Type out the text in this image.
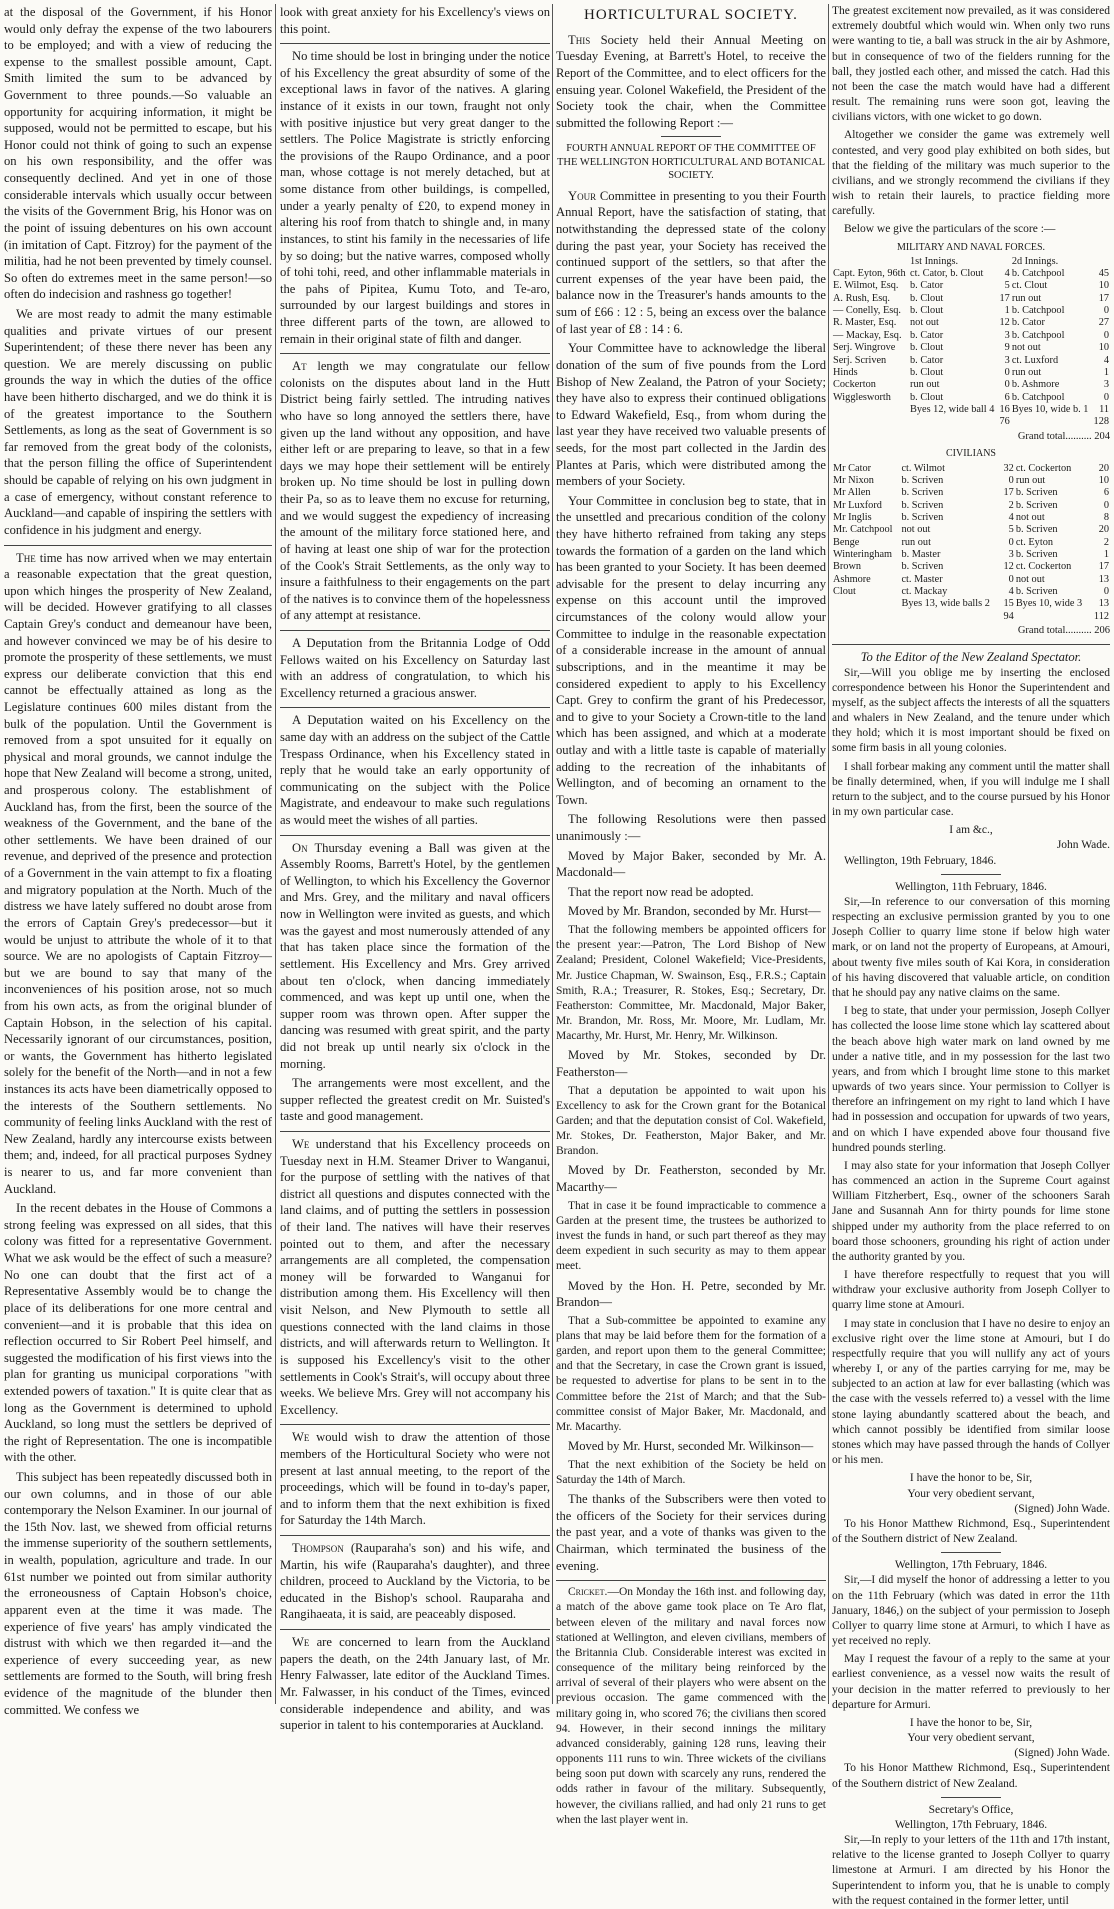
at the disposal of the Government, if his Honor would only defray the expense of the two labourers to be employed; and with a view of reducing the expense to the smallest possible amount, Capt. Smith limited the sum to be advanced by Government to three pounds.—So valuable an opportunity for acquiring information, it might be supposed, would not be permitted to escape, but his Honor could not think of going to such an expense on his own responsibility, and the offer was consequently declined. And yet in one of those considerable intervals which usually occur between the visits of the Government Brig, his Honor was on the point of issuing debentures on his own account (in imitation of Capt. Fitzroy) for the payment of the militia, had he not been prevented by timely counsel. So often do extremes meet in the same person!—so often do indecision and rashness go together!

We are most ready to admit the many estimable qualities and private virtues of our present Superintendent; of these there never has been any question. We are merely discussing on public grounds the way in which the duties of the office have been hitherto discharged, and we do think it is of the greatest importance to the Southern Settlements, as long as the seat of Government is so far removed from the great body of the colonists, that the person filling the office of Superintendent should be capable of relying on his own judgment in a case of emergency, without constant reference to Auckland—and capable of inspiring the settlers with confidence in his judgment and energy.

The time has now arrived when we may entertain a reasonable expectation that the great question, upon which hinges the prosperity of New Zealand, will be decided. However gratifying to all classes Captain Grey's conduct and demeanour have been, and however convinced we may be of his desire to promote the prosperity of these settlements, we must express our deliberate conviction that this end cannot be effectually attained as long as the Legislature continues 600 miles distant from the bulk of the population. Until the Government is removed from a spot unsuited for it equally on physical and moral grounds, we cannot indulge the hope that New Zealand will become a strong, united, and prosperous colony. The establishment of Auckland has, from the first, been the source of the weakness of the Government, and the bane of the other settlements. We have been drained of our revenue, and deprived of the presence and protection of a Government in the vain attempt to fix a floating and migratory population at the North. Much of the distress we have lately suffered no doubt arose from the errors of Captain Grey's predecessor—but it would be unjust to attribute the whole of it to that source. We are no apologists of Captain Fitzroy—but we are bound to say that many of the inconveniences of his position arose, not so much from his own acts, as from the original blunder of Captain Hobson, in the selection of his capital. Necessarily ignorant of our circumstances, position, or wants, the Government has hitherto legislated solely for the benefit of the North—and in not a few instances its acts have been diametrically opposed to the interests of the Southern settlements. No community of feeling links Auckland with the rest of New Zealand, hardly any intercourse exists between them; and, indeed, for all practical purposes Sydney is nearer to us, and far more convenient than Auckland.

In the recent debates in the House of Commons a strong feeling was expressed on all sides, that this colony was fitted for a representative Government. What we ask would be the effect of such a measure? No one can doubt that the first act of a Representative Assembly would be to change the place of its deliberations for one more central and convenient—and it is probable that this idea on reflection occurred to Sir Robert Peel himself, and suggested the modification of his first views into the plan for granting us municipal corporations "with extended powers of taxation." It is quite clear that as long as the Government is determined to uphold Auckland, so long must the settlers be deprived of the right of Representation. The one is incompatible with the other.

This subject has been repeatedly discussed both in our own columns, and in those of our able contemporary the Nelson Examiner. In our journal of the 15th Nov. last, we shewed from official returns the immense superiority of the southern settlements, in wealth, population, agriculture and trade. In our 61st number we pointed out from similar authority the erroneousness of Captain Hobson's choice, apparent even at the time it was made. The experience of five years' has amply vindicated the distrust with which we then regarded it—and the experience of every succeeding year, as new settlements are formed to the South, will bring fresh evidence of the magnitude of the blunder then committed. We confess we

look with great anxiety for his Excellency's views on this point.

No time should be lost in bringing under the notice of his Excellency the great absurdity of some of the exceptional laws in favor of the natives. A glaring instance of it exists in our town, fraught not only with positive injustice but very great danger to the settlers. The Police Magistrate is strictly enforcing the provisions of the Raupo Ordinance, and a poor man, whose cottage is not merely detached, but at some distance from other buildings, is compelled, under a yearly penalty of £20, to expend money in altering his roof from thatch to shingle and, in many instances, to stint his family in the necessaries of life by so doing; but the native warres, composed wholly of tohi tohi, reed, and other inflammable materials in the pahs of Pipitea, Kumu Toto, and Te-aro, surrounded by our largest buildings and stores in three different parts of the town, are allowed to remain in their original state of filth and danger.

At length we may congratulate our fellow colonists on the disputes about land in the Hutt District being fairly settled. The intruding natives who have so long annoyed the settlers there, have given up the land without any opposition, and have either left or are preparing to leave, so that in a few days we may hope their settlement will be entirely broken up. No time should be lost in pulling down their Pa, so as to leave them no excuse for returning, and we would suggest the expediency of increasing the amount of the military force stationed here, and of having at least one ship of war for the protection of the Cook's Strait Settlements, as the only way to insure a faithfulness to their engagements on the part of the natives is to convince them of the hopelessness of any attempt at resistance.

A Deputation from the Britannia Lodge of Odd Fellows waited on his Excellency on Saturday last with an address of congratulation, to which his Excellency returned a gracious answer.

A Deputation waited on his Excellency on the same day with an address on the subject of the Cattle Trespass Ordinance, when his Excellency stated in reply that he would take an early opportunity of communicating on the subject with the Police Magistrate, and endeavour to make such regulations as would meet the wishes of all parties.

On Thursday evening a Ball was given at the Assembly Rooms, Barrett's Hotel, by the gentlemen of Wellington, to which his Excellency the Governor and Mrs. Grey, and the military and naval officers now in Wellington were invited as guests, and which was the gayest and most numerously attended of any that has taken place since the formation of the settlement. His Excellency and Mrs. Grey arrived about ten o'clock, when dancing immediately commenced, and was kept up until one, when the supper room was thrown open. After supper the dancing was resumed with great spirit, and the party did not break up until nearly six o'clock in the morning.

The arrangements were most excellent, and the supper reflected the greatest credit on Mr. Suisted's taste and good management.

We understand that his Excellency proceeds on Tuesday next in H.M. Steamer Driver to Wanganui, for the purpose of settling with the natives of that district all questions and disputes connected with the land claims, and of putting the settlers in possession of their land. The natives will have their reserves pointed out to them, and after the necessary arrangements are all completed, the compensation money will be forwarded to Wanganui for distribution among them. His Excellency will then visit Nelson, and New Plymouth to settle all questions connected with the land claims in those districts, and will afterwards return to Wellington. It is supposed his Excellency's visit to the other settlements in Cook's Strait's, will occupy about three weeks. We believe Mrs. Grey will not accompany his Excellency.

We would wish to draw the attention of those members of the Horticultural Society who were not present at last annual meeting, to the report of the proceedings, which will be found in to-day's paper, and to inform them that the next exhibition is fixed for Saturday the 14th March.

Thompson (Rauparaha's son) and his wife, and Martin, his wife (Rauparaha's daughter), and three children, proceed to Auckland by the Victoria, to be educated in the Bishop's school. Rauparaha and Rangihaeata, it is said, are peaceably disposed.

We are concerned to learn from the Auckland papers the death, on the 24th January last, of Mr. Henry Falwasser, late editor of the Auckland Times. Mr. Falwasser, in his conduct of the Times, evinced considerable independence and ability, and was superior in talent to his contemporaries at Auckland.

HORTICULTURAL SOCIETY.

This Society held their Annual Meeting on Tuesday Evening, at Barrett's Hotel, to receive the Report of the Committee, and to elect officers for the ensuing year. Colonel Wakefield, the President of the Society took the chair, when the Committee submitted the following Report :—

FOURTH ANNUAL REPORT OF THE COMMITTEE OF THE WELLINGTON HORTICULTURAL AND BOTANICAL SOCIETY.

Your Committee in presenting to you their Fourth Annual Report, have the satisfaction of stating, that notwithstanding the depressed state of the colony during the past year, your Society has received the continued support of the settlers, so that after the current expenses of the year have been paid, the balance now in the Treasurer's hands amounts to the sum of £66 : 12 : 5, being an excess over the balance of last year of £8 : 14 : 6.

Your Committee have to acknowledge the liberal donation of the sum of five pounds from the Lord Bishop of New Zealand, the Patron of your Society; they have also to express their continued obligations to Edward Wakefield, Esq., from whom during the last year they have received two valuable presents of seeds, for the most part collected in the Jardin des Plantes at Paris, which were distributed among the members of your Society.

Your Committee in conclusion beg to state, that in the unsettled and precarious condition of the colony they have hitherto refrained from taking any steps towards the formation of a garden on the land which has been granted to your Society. It has been deemed advisable for the present to delay incurring any expense on this account until the improved circumstances of the colony would allow your Committee to indulge in the reasonable expectation of a considerable increase in the amount of annual subscriptions, and in the meantime it may be considered expedient to apply to his Excellency Capt. Grey to confirm the grant of his Predecessor, and to give to your Society a Crown-title to the land which has been assigned, and which at a moderate outlay and with a little taste is capable of materially adding to the recreation of the inhabitants of Wellington, and of becoming an ornament to the Town.

The following Resolutions were then passed unanimously :—

Moved by Major Baker, seconded by Mr. A. Macdonald—

That the report now read be adopted.

Moved by Mr. Brandon, seconded by Mr. Hurst—

That the following members be appointed officers for the present year:—Patron, The Lord Bishop of New Zealand; President, Colonel Wakefield; Vice-Presidents, Mr. Justice Chapman, W. Swainson, Esq., F.R.S.; Captain Smith, R.A.; Treasurer, R. Stokes, Esq.; Secretary, Dr. Featherston: Committee, Mr. Macdonald, Major Baker, Mr. Brandon, Mr. Ross, Mr. Moore, Mr. Ludlam, Mr. Macarthy, Mr. Hurst, Mr. Henry, Mr. Wilkinson.

Moved by Mr. Stokes, seconded by Dr. Featherston—

That a deputation be appointed to wait upon his Excellency to ask for the Crown grant for the Botanical Garden; and that the deputation consist of Col. Wakefield, Mr. Stokes, Dr. Featherston, Major Baker, and Mr. Brandon.

Moved by Dr. Featherston, seconded by Mr. Macarthy—

That in case it be found impracticable to commence a Garden at the present time, the trustees be authorized to invest the funds in hand, or such part thereof as they may deem expedient in such security as may to them appear meet.

Moved by the Hon. H. Petre, seconded by Mr. Brandon—

That a Sub-committee be appointed to examine any plans that may be laid before them for the formation of a garden, and report upon them to the general Committee; and that the Secretary, in case the Crown grant is issued, be requested to advertise for plans to be sent in to the Committee before the 21st of March; and that the Sub-committee consist of Major Baker, Mr. Macdonald, and Mr. Macarthy.

Moved by Mr. Hurst, seconded Mr. Wilkinson—

That the next exhibition of the Society be held on Saturday the 14th of March.

The thanks of the Subscribers were then voted to the officers of the Society for their services during the past year, and a vote of thanks was given to the Chairman, which terminated the business of the evening.

Cricket.—On Monday the 16th inst. and following day, a match of the above game took place on Te Aro flat, between eleven of the military and naval forces now stationed at Wellington, and eleven civilians, members of the Britannia Club. Considerable interest was excited in consequence of the military being reinforced by the arrival of several of their players who were absent on the previous occasion. The game commenced with the military going in, who scored 76; the civilians then scored 94. However, in their second innings the military advanced considerably, gaining 128 runs, leaving their opponents 111 runs to win. Three wickets of the civilians being soon put down with scarcely any runs, rendered the odds rather in favour of the military. Subsequently, however, the civilians rallied, and had only 21 runs to get when the last player went in.

The greatest excitement now prevailed, as it was considered extremely doubtful which would win. When only two runs were wanting to tie, a ball was struck in the air by Ashmore, but in consequence of two of the fielders running for the ball, they jostled each other, and missed the catch. Had this not been the case the match would have had a different result. The remaining runs were soon got, leaving the civilians victors, with one wicket to go down.

Altogether we consider the game was extremely well contested, and very good play exhibited on both sides, but that the fielding of the military was much superior to the civilians, and we strongly recommend the civilians if they wish to retain their laurels, to practice fielding more carefully.

Below we give the particulars of the score :—

MILITARY AND NAVAL FORCES.
	1st Innings.		2d Innings.	
Capt. Eyton, 96th	ct. Cator, b. Clout	4	b. Catchpool	45
E. Wilmot, Esq.	b. Cator	5	ct. Clout	10
A. Rush, Esq.	b. Clout	17	run out	17
— Conelly, Esq.	b. Clout	1	b. Catchpool	0
R. Master, Esq.	not out	12	b. Cator	27
— Mackay, Esq.	b. Cator	3	b. Catchpool	0
Serj. Wingrove	b. Clout	9	not out	10
Serj. Scriven	b. Cator	3	ct. Luxford	4
Hinds	b. Clout	0	run out	1
Cockerton	run out	0	b. Ashmore	3
Wigglesworth	b. Clout	6	b. Catchpool	0
	Byes 12, wide ball 4	16	Byes 10, wide b. 1	11
		76		128
Grand total.......... 204
CIVILIANS
Mr Cator	ct. Wilmot	32	ct. Cockerton	20
Mr Nixon	b. Scriven	0	run out	10
Mr Allen	b. Scriven	17	b. Scriven	6
Mr Luxford	b. Scriven	2	b. Scriven	0
Mr Inglis	b. Scriven	4	not out	8
Mr. Catchpool	not out	5	b. Scriven	20
Benge	run out	0	ct. Eyton	2
Winteringham	b. Master	3	b. Scriven	1
Brown	b. Scriven	12	ct. Cockerton	17
Ashmore	ct. Master	0	not out	13
Clout	ct. Mackay	4	b. Scriven	0
	Byes 13, wide balls 2	15	Byes 10, wide 3	13
		94		112
Grand total.......... 206
To the Editor of the New Zealand Spectator.

Sir,—Will you oblige me by inserting the enclosed correspondence between his Honor the Superintendent and myself, as the subject affects the interests of all the squatters and whalers in New Zealand, and the tenure under which they hold; which it is most important should be fixed on some firm basis in all young colonies.

I shall forbear making any comment until the matter shall be finally determined, when, if you will indulge me I shall return to the subject, and to the course pursued by his Honor in my own particular case.

I am &c.,
John Wade.
Wellington, 19th February, 1846.
Wellington, 11th February, 1846.

Sir,—In reference to our conversation of this morning respecting an exclusive permission granted by you to one Joseph Collier to quarry lime stone if below high water mark, or on land not the property of Europeans, at Amouri, about twenty five miles south of Kai Kora, in consideration of his having discovered that valuable article, on condition that he should pay any native claims on the same.

I beg to state, that under your permission, Joseph Collyer has collected the loose lime stone which lay scattered about the beach above high water mark on land owned by me under a native title, and in my possession for the last two years, and from which I brought lime stone to this market upwards of two years since. Your permission to Collyer is therefore an infringement on my right to land which I have had in possession and occupation for upwards of two years, and on which I have expended above four thousand five hundred pounds sterling.

I may also state for your information that Joseph Collyer has commenced an action in the Supreme Court against William Fitzherbert, Esq., owner of the schooners Sarah Jane and Susannah Ann for thirty pounds for lime stone shipped under my authority from the place referred to on board those schooners, grounding his right of action under the authority granted by you.

I have therefore respectfully to request that you will withdraw your exclusive authority from Joseph Collyer to quarry lime stone at Amouri.

I may state in conclusion that I have no desire to enjoy an exclusive right over the lime stone at Amouri, but I do respectfully require that you will nullify any act of yours whereby I, or any of the parties carrying for me, may be subjected to an action at law for ever ballasting (which was the case with the vessels referred to) a vessel with the lime stone laying abundantly scattered about the beach, and which cannot possibly be identified from similar loose stones which may have passed through the hands of Collyer or his men.

I have the honor to be, Sir,
Your very obedient servant,
(Signed) John Wade.

To his Honor Matthew Richmond, Esq., Superintendent of the Southern district of New Zealand.

Wellington, 17th February, 1846.

Sir,—I did myself the honor of addressing a letter to you on the 11th February (which was dated in error the 11th January, 1846,) on the subject of your permission to Joseph Collyer to quarry lime stone at Armuri, to which I have as yet received no reply.

May I request the favour of a reply to the same at your earliest convenience, as a vessel now waits the result of your decision in the matter referred to previously to her departure for Armuri.

I have the honor to be, Sir,
Your very obedient servant,
(Signed) John Wade.

To his Honor Matthew Richmond, Esq., Superintendent of the Southern district of New Zealand.

Secretary's Office,
Wellington, 17th February, 1846.

Sir,—In reply to your letters of the 11th and 17th instant, relative to the license granted to Joseph Collyer to quarry limestone at Armuri. I am directed by his Honor the Superintendent to inform you, that he is unable to comply with the request contained in the former letter, until
